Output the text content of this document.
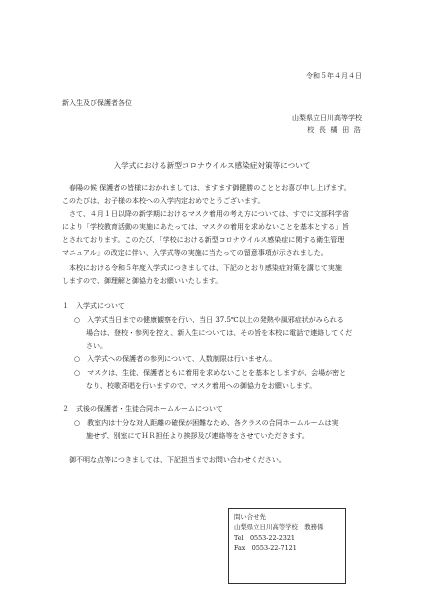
令和５年４月４日
新入生及び保護者各位
山梨県立日川高等学校
校 長 橘 田 浩
入学式における新型コロナウイルス感染症対策等について
　春陽の候 保護者の皆様におかれましては、ますます御健勝のこととお喜び申し上げます。
このたびは、お子様の本校への入学内定おめでとうございます。
　さて、４月１日以降の新学期におけるマスク着用の考え方については、すでに文部科学省
により「学校教育活動の実施にあたっては、マスクの着用を求めないことを基本とする」旨
とされております。このたび、「学校における新型コロナウイルス感染症に関する衛生管理
マニュアル」の改定に伴い、入学式等の実施に当たっての留意事項が示されました。
　本校における令和５年度入学式につきましては、下記のとおり感染症対策を講じて実施
しますので、御理解と御協力をお願いいたします。
１　入学式について
○　入学式当日までの健康観察を行い、当日 37.5℃以上の発熱や風邪症状がみられる
場合は、登校・参列を控え、新入生については、その旨を本校に電話で連絡してくだ
さい。
○　入学式への保護者の参列について、人数制限は行いません。
○　マスクは、生徒、保護者ともに着用を求めないことを基本としますが、会場が密と
なり、校歌斉唱を行いますので、マスク着用への御協力をお願いします。
２　式後の保護者・生徒合同ホームルームについて
○　教室内は十分な対人距離の確保が困難なため、各クラスの合同ホームルームは実
施せず、別室にてＨＲ担任より挨拶及び連絡等をさせていただきます。
　御不明な点等につきましては、下記担当までお問い合わせください。
問い合せ先
山梨県立日川高等学校　教務係
Tel　0553-22-2321
Fax　0553-22-7121
